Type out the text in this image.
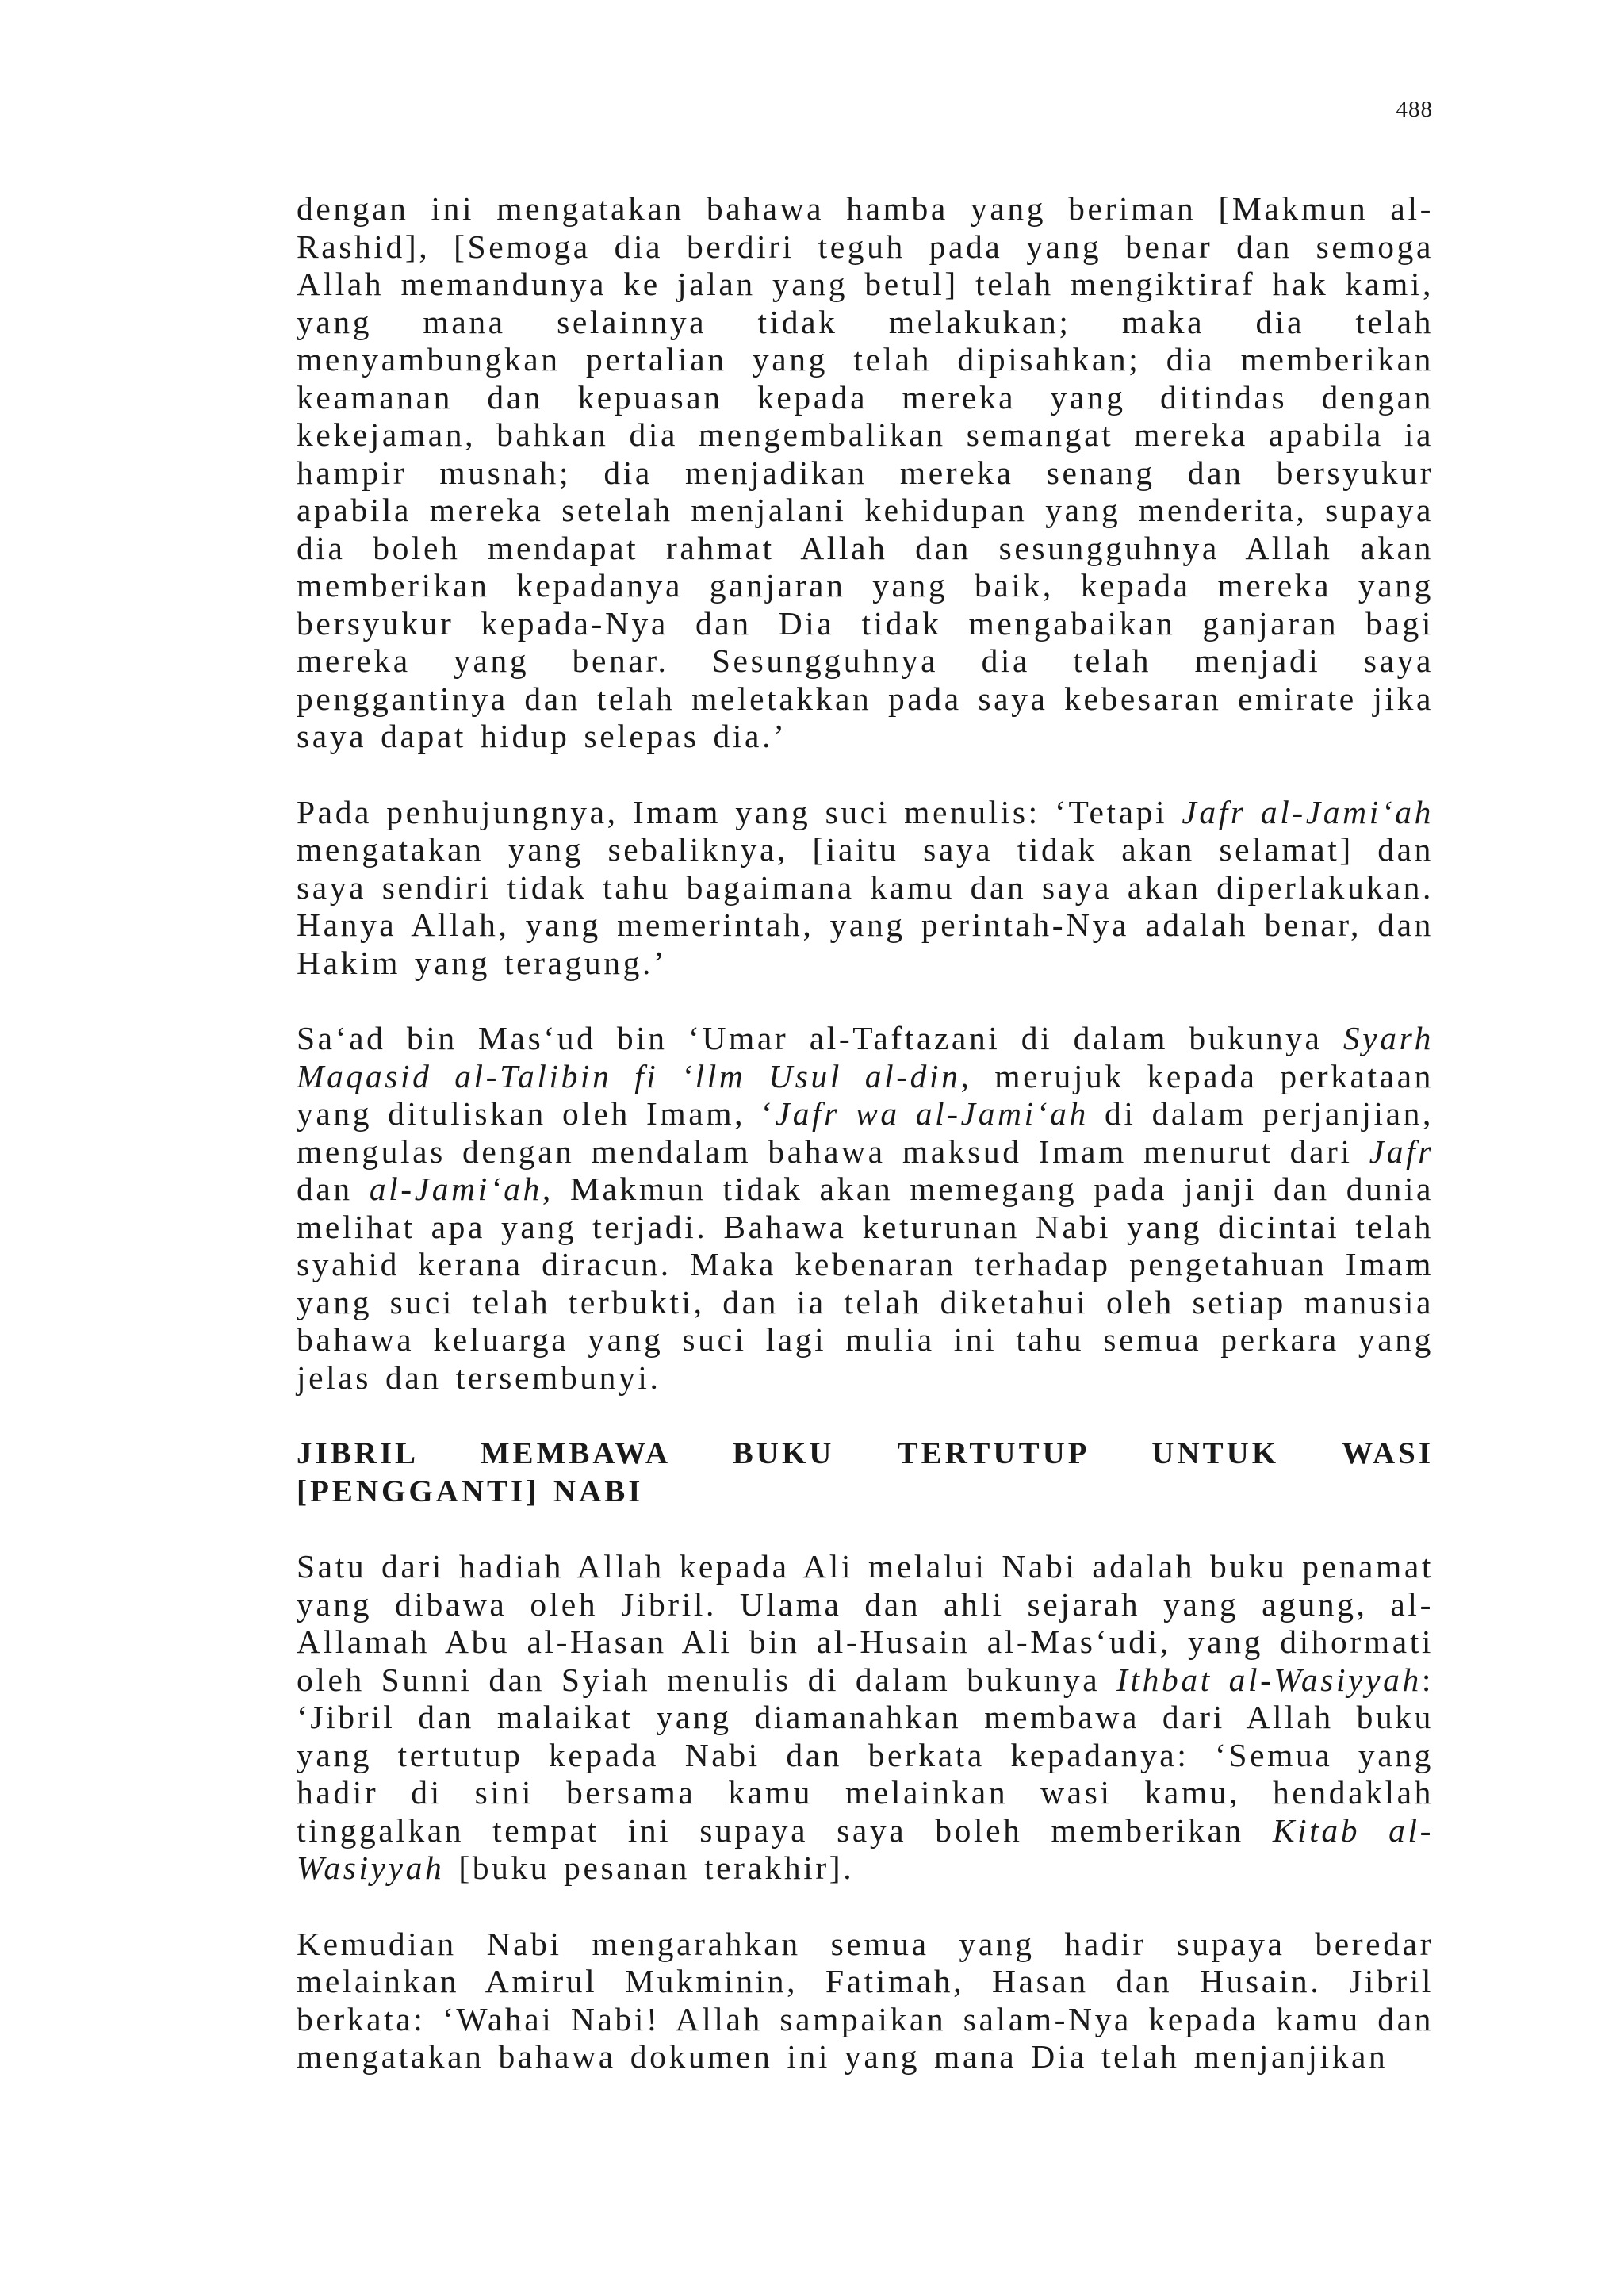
488

dengan ini mengatakan bahawa hamba yang beriman [Makmun al-Rashid], [Semoga dia berdiri teguh pada yang benar dan semoga Allah memandunya ke jalan yang betul] telah mengiktiraf hak kami, yang mana selainnya tidak melakukan; maka dia telah menyambungkan pertalian yang telah dipisahkan; dia memberikan keamanan dan kepuasan kepada mereka yang ditindas dengan kekejaman, bahkan dia mengembalikan semangat mereka apabila ia hampir musnah; dia menjadikan mereka senang dan bersyukur apabila mereka setelah menjalani kehidupan yang menderita, supaya dia boleh mendapat rahmat Allah dan sesungguhnya Allah akan memberikan kepadanya ganjaran yang baik, kepada mereka yang bersyukur kepada-Nya dan Dia tidak mengabaikan ganjaran bagi mereka yang benar. Sesungguhnya dia telah menjadi saya penggantinya dan telah meletakkan pada saya kebesaran emirate jika saya dapat hidup selepas dia.’

Pada penhujungnya, Imam yang suci menulis: ‘Tetapi Jafr al-Jami‘ah mengatakan yang sebaliknya, [iaitu saya tidak akan selamat] dan saya sendiri tidak tahu bagaimana kamu dan saya akan diperlakukan. Hanya Allah, yang memerintah, yang perintah-Nya adalah benar, dan Hakim yang teragung.’

Sa‘ad bin Mas‘ud bin ‘Umar al-Taftazani di dalam bukunya Syarh Maqasid al-Talibin fi ‘llm Usul al-din, merujuk kepada perkataan yang dituliskan oleh Imam, ‘Jafr wa al-Jami‘ah di dalam perjanjian, mengulas dengan mendalam bahawa maksud Imam menurut dari Jafr dan al-Jami‘ah, Makmun tidak akan memegang pada janji dan dunia melihat apa yang terjadi. Bahawa keturunan Nabi yang dicintai telah syahid kerana diracun. Maka kebenaran terhadap pengetahuan Imam yang suci telah terbukti, dan ia telah diketahui oleh setiap manusia bahawa keluarga yang suci lagi mulia ini tahu semua perkara yang jelas dan tersembunyi.

JIBRIL MEMBAWA BUKU TERTUTUP UNTUK WASI
[PENGGANTI] NABI

Satu dari hadiah Allah kepada Ali melalui Nabi adalah buku penamat yang dibawa oleh Jibril. Ulama dan ahli sejarah yang agung, al-Allamah Abu al-Hasan Ali bin al-Husain al-Mas‘udi, yang dihormati oleh Sunni dan Syiah menulis di dalam bukunya Ithbat al-Wasiyyah: ‘Jibril dan malaikat yang diamanahkan membawa dari Allah buku yang tertutup kepada Nabi dan berkata kepadanya: ‘Semua yang hadir di sini bersama kamu melainkan wasi kamu, hendaklah tinggalkan tempat ini supaya saya boleh memberikan Kitab al-Wasiyyah [buku pesanan terakhir].

Kemudian Nabi mengarahkan semua yang hadir supaya beredar melainkan Amirul Mukminin, Fatimah, Hasan dan Husain. Jibril berkata: ‘Wahai Nabi! Allah sampaikan salam-Nya kepada kamu dan mengatakan bahawa dokumen ini yang mana Dia telah menjanjikan
